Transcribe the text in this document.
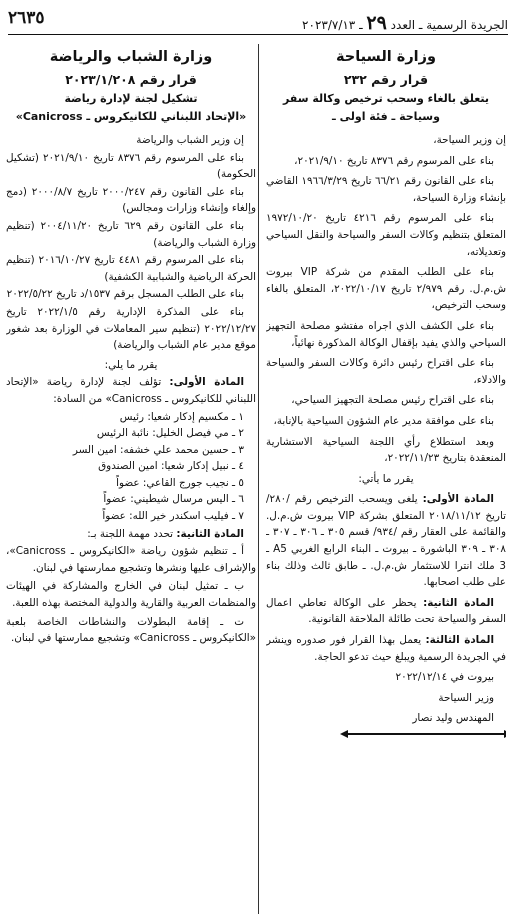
٢٦٣٥	الجريدة الرسمية ـ العدد ٢٩ ـ ٢٠٢٣/٧/١٣
وزارة السياحة
قرار رقم ٢٣٢
يتعلق بالغاء وسحب ترخيص وكالة سفر
وسياحة ـ فئة اولى ـ

إن وزير السياحة،

بناء على المرسوم رقم ٨٣٧٦ تاريخ ٢٠٢١/٩/١٠،

بناء على القانون رقم ٦٦/٢١ تاريخ ١٩٦٦/٣/٢٩ القاضي بإنشاء وزارة السياحة،

بناء على المرسوم رقم ٤٢١٦ تاريخ ١٩٧٢/١٠/٢٠ المتعلق بتنظيم وكالات السفر والسياحة والنقل السياحي وتعديلاته،

بناء على الطلب المقدم من شركة VIP بيروت ش.م.ل. رقم ٢/٩٧٩ تاريخ ٢٠٢٢/١٠/١٧، المتعلق بالغاء وسحب الترخيص،

بناء على الكشف الذي اجراه مفتشو مصلحة التجهيز السياحي والذي يفيد بإقفال الوكالة المذكورة نهائياً،

بناء على اقتراح رئيس دائرة وكالات السفر والسياحة والادلاء،

بناء على اقتراح رئيس مصلحة التجهيز السياحي،

بناء على موافقة مدير عام الشؤون السياحية بالإنابة،

وبعد استطلاع رأي اللجنة السياحية الاستشارية المنعقدة بتاريخ ٢٠٢٢/١١/٢٣،

يقرر ما يأتي:

المادة الأولى: يلغى ويسحب الترخيص رقم /٢٨٠/ تاريخ ٢٠١٨/١١/١٢ المتعلق بشركة VIP بيروت ش.م.ل. والقائمة على العقار رقم /٩٣٤/ قسم ٣٠٥ ـ ٣٠٦ ـ ٣٠٧ ـ ٣٠٨ ـ ٣٠٩ الباشورة ـ بيروت ـ البناء الرابع الغربي A5 ـ 3 ملك انترا للاستثمار ش.م.ل. ـ طابق ثالث وذلك بناء على طلب اصحابها.

المادة الثانية: يحظر على الوكالة تعاطي اعمال السفر والسياحة تحت طائلة الملاحقة القانونية.

المادة الثالثة: يعمل بهذا القرار فور صدوره وينشر في الجريدة الرسمية ويبلغ حيث تدعو الحاجة.

بيروت في ٢٠٢٢/١٢/١٤

وزير السياحة

المهندس وليد نصار

وزارة الشباب والرياضة
قرار رقم ٢٠٢٣/١/٢٠٨
تشكيل لجنة لإدارة رياضة
«الإتحاد اللبناني للكانيكروس ـ Canicross»

إن وزير الشباب والرياضة

بناء على المرسوم رقم ٨٣٧٦ تاريخ ٢٠٢١/٩/١٠ (تشكيل الحكومة)

بناء على القانون رقم ٢٠٠٠/٢٤٧ تاريخ ٢٠٠٠/٨/٧ (دمج وإلغاء وإنشاء وزارات ومجالس)

بناء على القانون رقم ٦٢٩ تاريخ ٢٠٠٤/١١/٢٠ (تنظيم وزارة الشباب والرياضة)

بناء على المرسوم رقم ٤٤٨١ تاريخ ٢٠١٦/١٠/٢٧ (تنظيم الحركة الرياضية والشبابية الكشفية)

بناء على الطلب المسجل برقم ١٥٣٧/د تاريخ ٢٠٢٢/٥/٢٢

بناء على المذكرة الإدارية رقم ٢٠٢٢/١/٥ تاريخ ٢٠٢٢/١٢/٢٧ (تنظيم سير المعاملات في الوزارة بعد شغور موقع مدير عام الشباب والرياضة)

يقرر ما يلي:

المادة الأولى: تؤلف لجنة لإدارة رياضة «الإتحاد اللبناني للكانيكروس ـ Canicross» من السادة:

١ ـ مكسيم إدكار شعيا: رئيس

٢ ـ مي فيصل الخليل: نائبة الرئيس

٣ ـ حسين محمد علي خشفه: امين السر

٤ ـ نبيل إدكار شعيا: امين الصندوق

٥ ـ نجيب جورج القاعي: عضواً

٦ ـ اليس مرسال شيطيني: عضواً

٧ ـ فيليب اسكندر خير الله: عضواً

المادة الثانية: تحدد مهمة اللجنة بـ:

أ ـ تنظيم شؤون رياضة «الكانيكروس ـ Canicross»، والإشراف عليها ونشرها وتشجيع ممارستها في لبنان.

ب ـ تمثيل لبنان في الخارج والمشاركة في الهيئات والمنظمات العربية والقارية والدولية المختصة بهذه اللعبة.

ت ـ إقامة البطولات والنشاطات الخاصة بلعبة «الكانيكروس ـ Canicross» وتشجيع ممارستها في لبنان.
